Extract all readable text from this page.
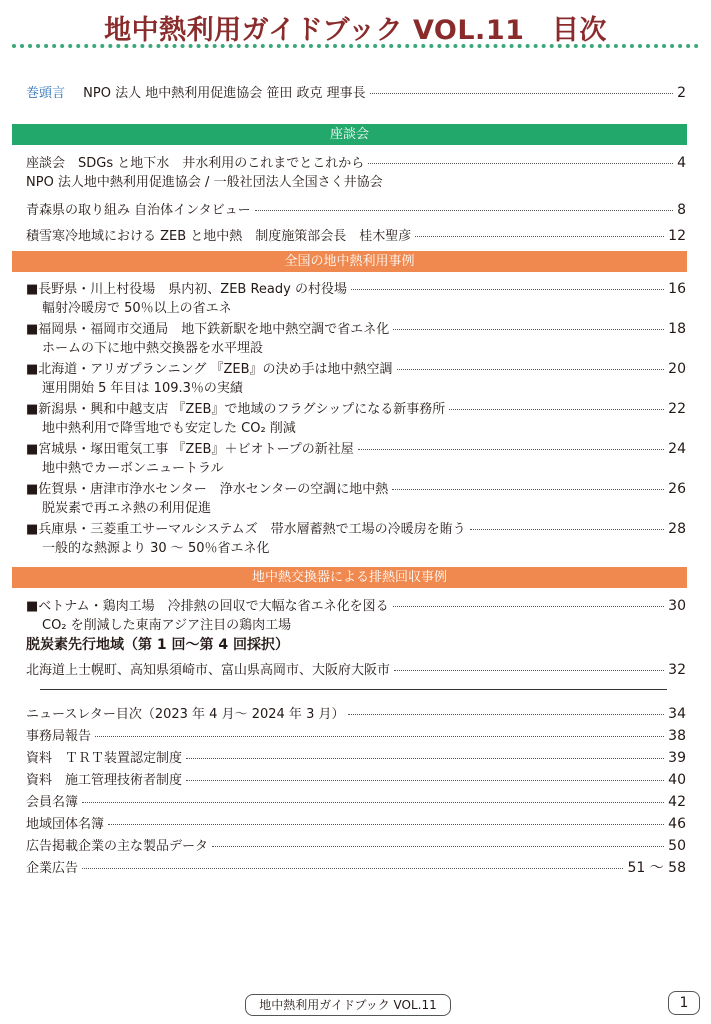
地中熱利用ガイドブック VOL.11　目次
巻頭言 NPO 法人 地中熱利用促進協会 笹田 政克 理事長	2
座談会
座談会　SDGs と地下水　井水利用のこれまでとこれから	4
NPO 法人地中熱利用促進協会 / 一般社団法人全国さく井協会
青森県の取り組み 自治体インタビュー	8
積雪寒冷地域における ZEB と地中熱　制度施策部会長　桂木聖彦	12
全国の地中熱利用事例
■長野県・川上村役場　県内初、ZEB Ready の村役場	16
輻射冷暖房で 50％以上の省エネ
■福岡県・福岡市交通局　地下鉄新駅を地中熱空調で省エネ化	18
ホームの下に地中熱交換器を水平埋設
■北海道・アリガプランニング 『ZEB』の決め手は地中熱空調	20
運用開始 5 年目は 109.3％の実績
■新潟県・興和中越支店 『ZEB』で地域のフラグシップになる新事務所	22
地中熱利用で降雪地でも安定した CO₂ 削減
■宮城県・塚田電気工事 『ZEB』＋ビオトープの新社屋	24
地中熱でカーボンニュートラル
■佐賀県・唐津市浄水センター　浄水センターの空調に地中熱	26
脱炭素で再エネ熱の利用促進
■兵庫県・三菱重工サーマルシステムズ　帯水層蓄熱で工場の冷暖房を賄う	28
一般的な熱源より 30 〜 50％省エネ化
地中熱交換器による排熱回収事例
■ベトナム・鶏肉工場　冷排熱の回収で大幅な省エネ化を図る	30
CO₂ を削減した東南アジア注目の鶏肉工場
脱炭素先行地域（第 1 回〜第 4 回採択）
北海道上士幌町、高知県須崎市、富山県高岡市、大阪府大阪市	32
ニュースレター目次（2023 年 4 月〜 2024 年 3 月）	34
事務局報告	38
資料　ＴＲＴ装置認定制度	39
資料　施工管理技術者制度	40
会員名簿	42
地域団体名簿	46
広告掲載企業の主な製品データ	50
企業広告	51 〜 58
地中熱利用ガイドブック VOL.11	1
